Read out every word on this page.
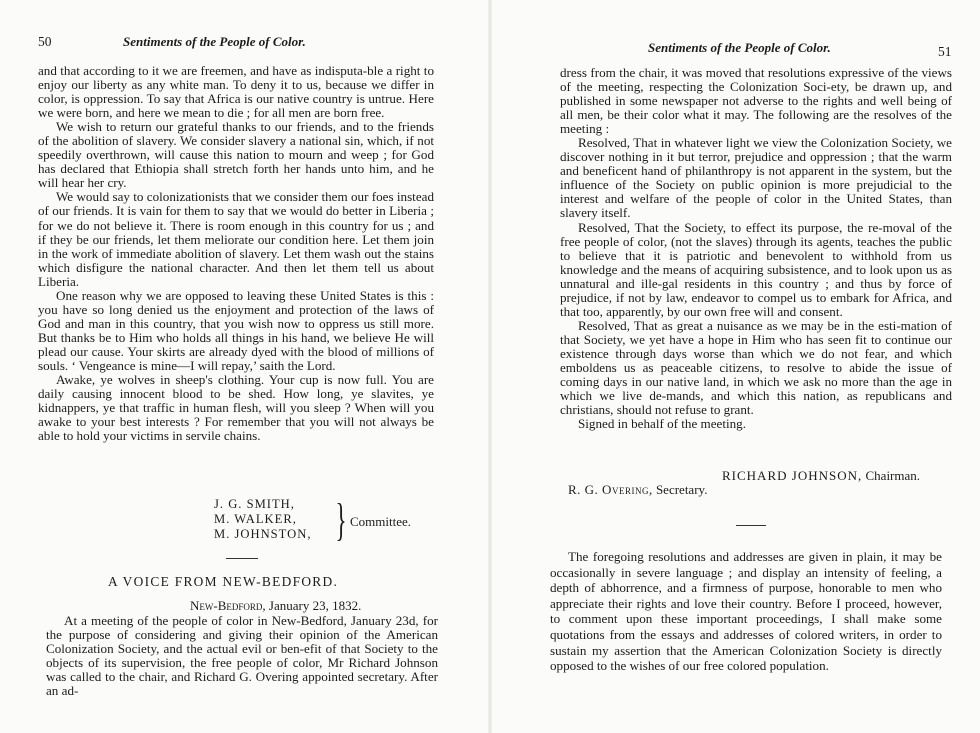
50	Sentiments of the People of Color.

and that according to it we are freemen, and have as indisputa-ble a right to enjoy our liberty as any white man. To deny it to us, because we differ in color, is oppression. To say that Africa is our native country is untrue. Here we were born, and here we mean to die ; for all men are born free.

We wish to return our grateful thanks to our friends, and to the friends of the abolition of slavery. We consider slavery a national sin, which, if not speedily overthrown, will cause this nation to mourn and weep ; for God has declared that Ethiopia shall stretch forth her hands unto him, and he will hear her cry.

We would say to colonizationists that we consider them our foes instead of our friends. It is vain for them to say that we would do better in Liberia ; for we do not believe it. There is room enough in this country for us ; and if they be our friends, let them meliorate our condition here. Let them join in the work of immediate abolition of slavery. Let them wash out the stains which disfigure the national character. And then let them tell us about Liberia.

One reason why we are opposed to leaving these United States is this : you have so long denied us the enjoyment and protection of the laws of God and man in this country, that you wish now to oppress us still more. But thanks be to Him who holds all things in his hand, we believe He will plead our cause. Your skirts are already dyed with the blood of millions of souls. ‘ Vengeance is mine—I will repay,’ saith the Lord.

Awake, ye wolves in sheep's clothing. Your cup is now full. You are daily causing innocent blood to be shed. How long, ye slavites, ye kidnappers, ye that traffic in human flesh, will you sleep ? When will you awake to your best interests ? For remember that you will not always be able to hold your victims in servile chains.

J. G. SMITH,
M. WALKER,
M. JOHNSTON, } Committee.
A VOICE FROM NEW-BEDFORD.
New-Bedford, January 23, 1832.

At a meeting of the people of color in New-Bedford, January 23d, for the purpose of considering and giving their opinion of the American Colonization Society, and the actual evil or ben-efit of that Society to the objects of its supervision, the free people of color, Mr Richard Johnson was called to the chair, and Richard G. Overing appointed secretary. After an ad-

Sentiments of the People of Color.	51

dress from the chair, it was moved that resolutions expressive of the views of the meeting, respecting the Colonization Soci-ety, be drawn up, and published in some newspaper not adverse to the rights and well being of all men, be their color what it may. The following are the resolves of the meeting :

Resolved, That in whatever light we view the Colonization Society, we discover nothing in it but terror, prejudice and oppression ; that the warm and beneficent hand of philanthropy is not apparent in the system, but the influence of the Society on public opinion is more prejudicial to the interest and welfare of the people of color in the United States, than slavery itself.

Resolved, That the Society, to effect its purpose, the re-moval of the free people of color, (not the slaves) through its agents, teaches the public to believe that it is patriotic and benevolent to withhold from us knowledge and the means of acquiring subsistence, and to look upon us as unnatural and ille-gal residents in this country ; and thus by force of prejudice, if not by law, endeavor to compel us to embark for Africa, and that too, apparently, by our own free will and consent.

Resolved, That as great a nuisance as we may be in the esti-mation of that Society, we yet have a hope in Him who has seen fit to continue our existence through days worse than which we do not fear, and which emboldens us as peaceable citizens, to resolve to abide the issue of coming days in our native land, in which we ask no more than the age in which we live de-mands, and which this nation, as republicans and christians, should not refuse to grant.

Signed in behalf of the meeting.

RICHARD JOHNSON, Chairman.
R. G. Overing, Secretary.

The foregoing resolutions and addresses are given in plain, it may be occasionally in severe language ; and display an intensity of feeling, a depth of abhorrence, and a firmness of purpose, honorable to men who appreciate their rights and love their country. Before I proceed, however, to comment upon these important proceedings, I shall make some quotations from the essays and addresses of colored writers, in order to sustain my assertion that the American Colonization Society is directly opposed to the wishes of our free colored population.
